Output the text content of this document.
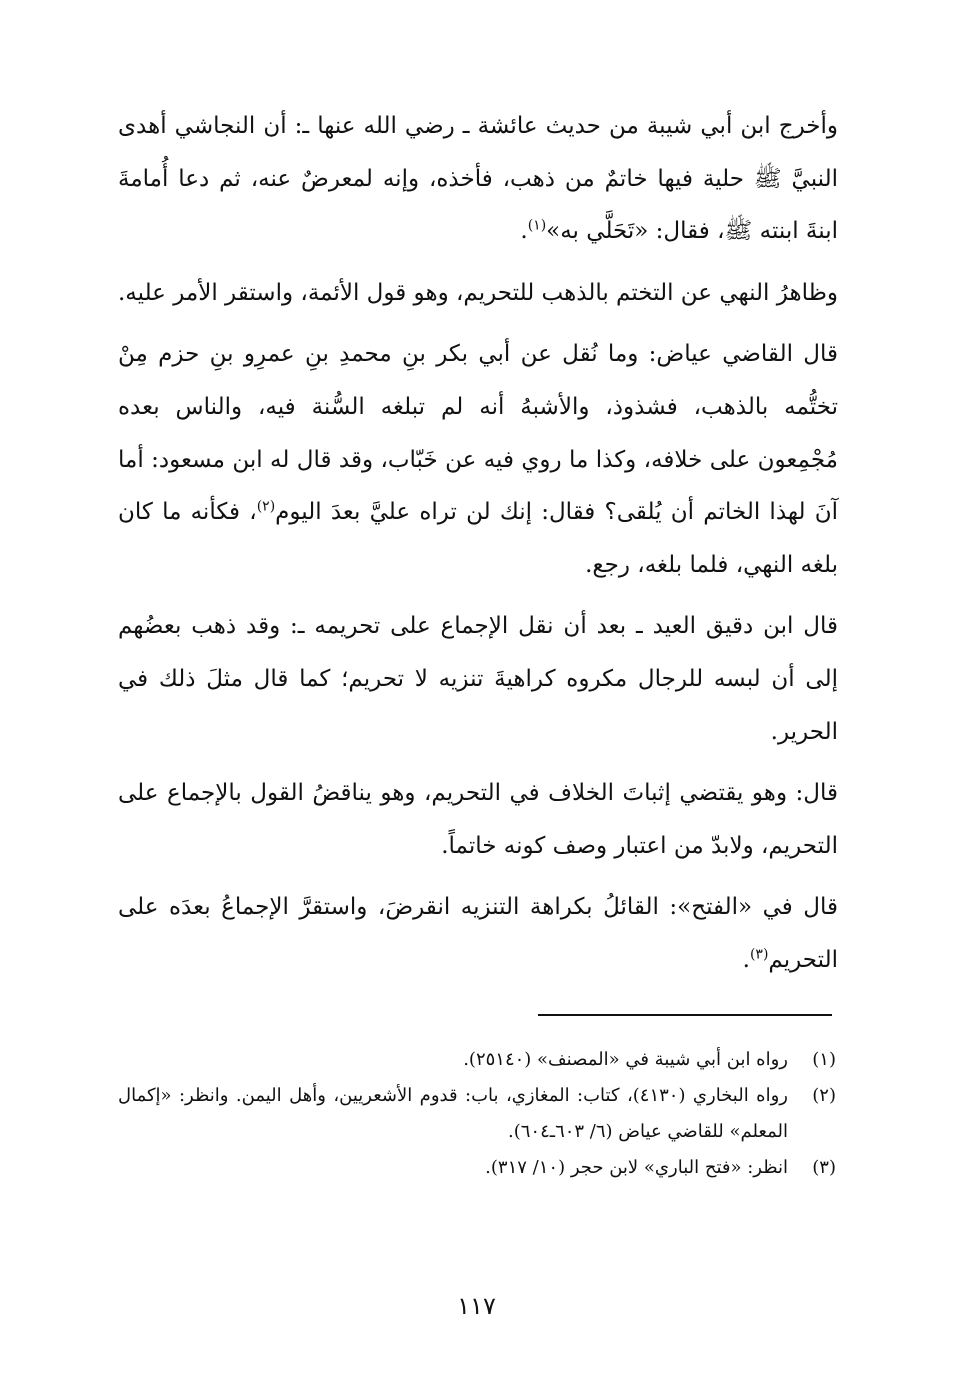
وأخرج ابن أبي شيبة من حديث عائشة ـ رضي الله عنها ـ: أن النجاشي أهدى النبيَّ ﷺ حلية فيها خاتمٌ من ذهب، فأخذه، وإنه لمعرضٌ عنه، ثم دعا أُمامةَ ابنةَ ابنته ﷺ، فقال: «تَحَلَّي به»$^{(١)}$.

وظاهرُ النهي عن التختم بالذهب للتحريم، وهو قول الأئمة، واستقر الأمر عليه.

قال القاضي عياض: وما نُقل عن أبي بكر بنِ محمدِ بنِ عمرِو بنِ حزم مِنْ تختُّمه بالذهب، فشذوذ، والأشبهُ أنه لم تبلغه السُّنة فيه، والناس بعده مُجْمِعون على خلافه، وكذا ما روي فيه عن خَبّاب، وقد قال له ابن مسعود: أما آنَ لهذا الخاتم أن يُلقى؟ فقال: إنك لن تراه عليَّ بعدَ اليوم$^{(٢)}$، فكأنه ما كان بلغه النهي، فلما بلغه، رجع.

قال ابن دقيق العيد ـ بعد أن نقل الإجماع على تحريمه ـ: وقد ذهب بعضُهم إلى أن لبسه للرجال مكروه كراهيةَ تنزيه لا تحريم؛ كما قال مثلَ ذلك في الحرير.

قال: وهو يقتضي إثباتَ الخلاف في التحريم، وهو يناقضُ القول بالإجماع على التحريم، ولابدّ من اعتبار وصف كونه خاتماً.

قال في «الفتح»: القائلُ بكراهة التنزيه انقرضَ، واستقرَّ الإجماعُ بعدَه على التحريم$^{(٣)}$.

(١)
رواه ابن أبي شيبة في «المصنف» (٢٥١٤٠).
(٢)
رواه البخاري (٤١٣٠)، كتاب: المغازي، باب: قدوم الأشعريين، وأهل اليمن. وانظر: «إكمال المعلم» للقاضي عياض (٦/ ٦٠٣ـ٦٠٤).
(٣)
انظر: «فتح الباري» لابن حجر (١٠/ ٣١٧).
١١٧
